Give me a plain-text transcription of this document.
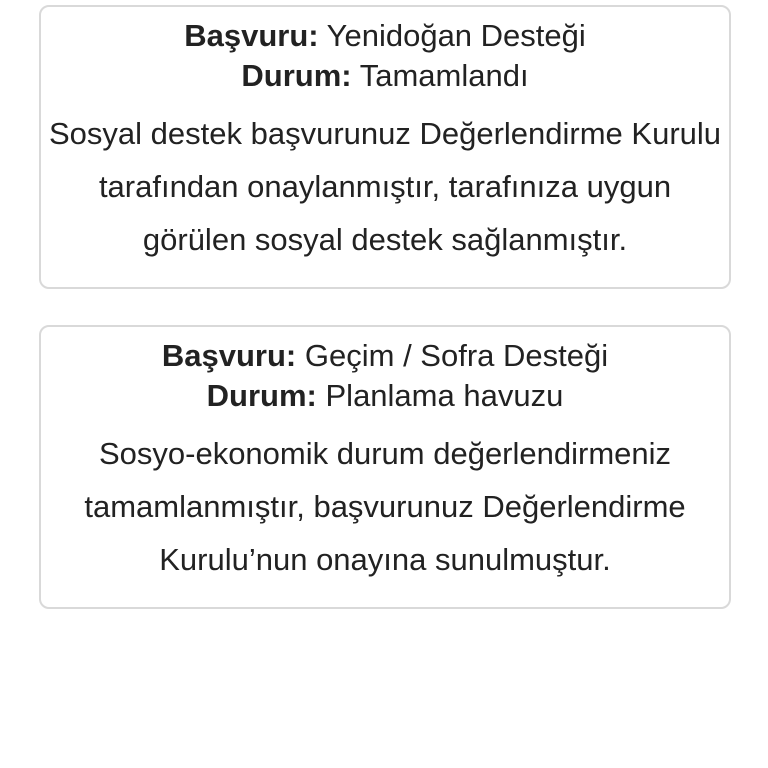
Başvuru: Yenidoğan Desteği
Durum: Tamamlandı
Sosyal destek başvurunuz Değerlendirme Kurulu tarafından onaylanmıştır, tarafınıza uygun görülen sosyal destek sağlanmıştır.
Başvuru: Geçim / Sofra Desteği
Durum: Planlama havuzu
Sosyo-ekonomik durum değerlendirmeniz tamamlanmıştır, başvurunuz Değerlendirme Kurulu’nun onayına sunulmuştur.
